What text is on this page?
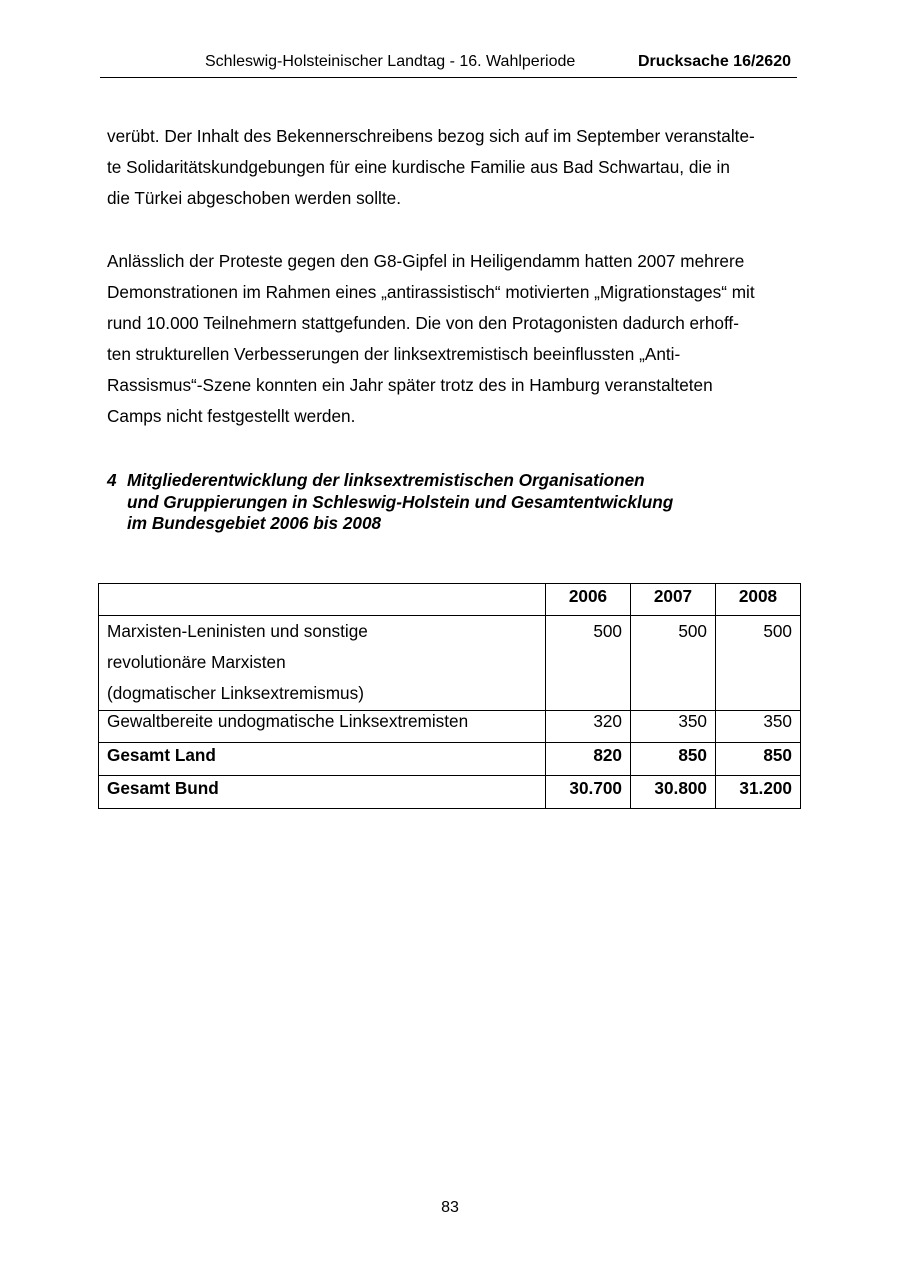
Schleswig-Holsteinischer Landtag - 16. Wahlperiode	Drucksache 16/2620

verübt. Der Inhalt des Bekennerschreibens bezog sich auf im September veranstalte-
te Solidaritätskundgebungen für eine kurdische Familie aus Bad Schwartau, die in
die Türkei abgeschoben werden sollte.

Anlässlich der Proteste gegen den G8-Gipfel in Heiligendamm hatten 2007 mehrere
Demonstrationen im Rahmen eines „antirassistisch“ motivierten „Migrationstages“ mit
rund 10.000 Teilnehmern stattgefunden. Die von den Protagonisten dadurch erhoff-
ten strukturellen Verbesserungen der linksextremistisch beeinflussten „Anti-
Rassismus“-Szene konnten ein Jahr später trotz des in Hamburg veranstalteten
Camps nicht festgestellt werden.

4 Mitgliederentwicklung der linksextremistischen Organisationen
und Gruppierungen in Schleswig-Holstein und Gesamtentwicklung
im Bundesgebiet 2006 bis 2008
	2006	2007	2008

Marxisten-Leninisten und sonstige
revolutionäre Marxisten
(dogmatischer Linksextremismus)	500	500	500
Gewaltbereite undogmatische Linksextremisten	320	350	350
Gesamt Land	820	850	850
Gesamt Bund	30.700	30.800	31.200
83
